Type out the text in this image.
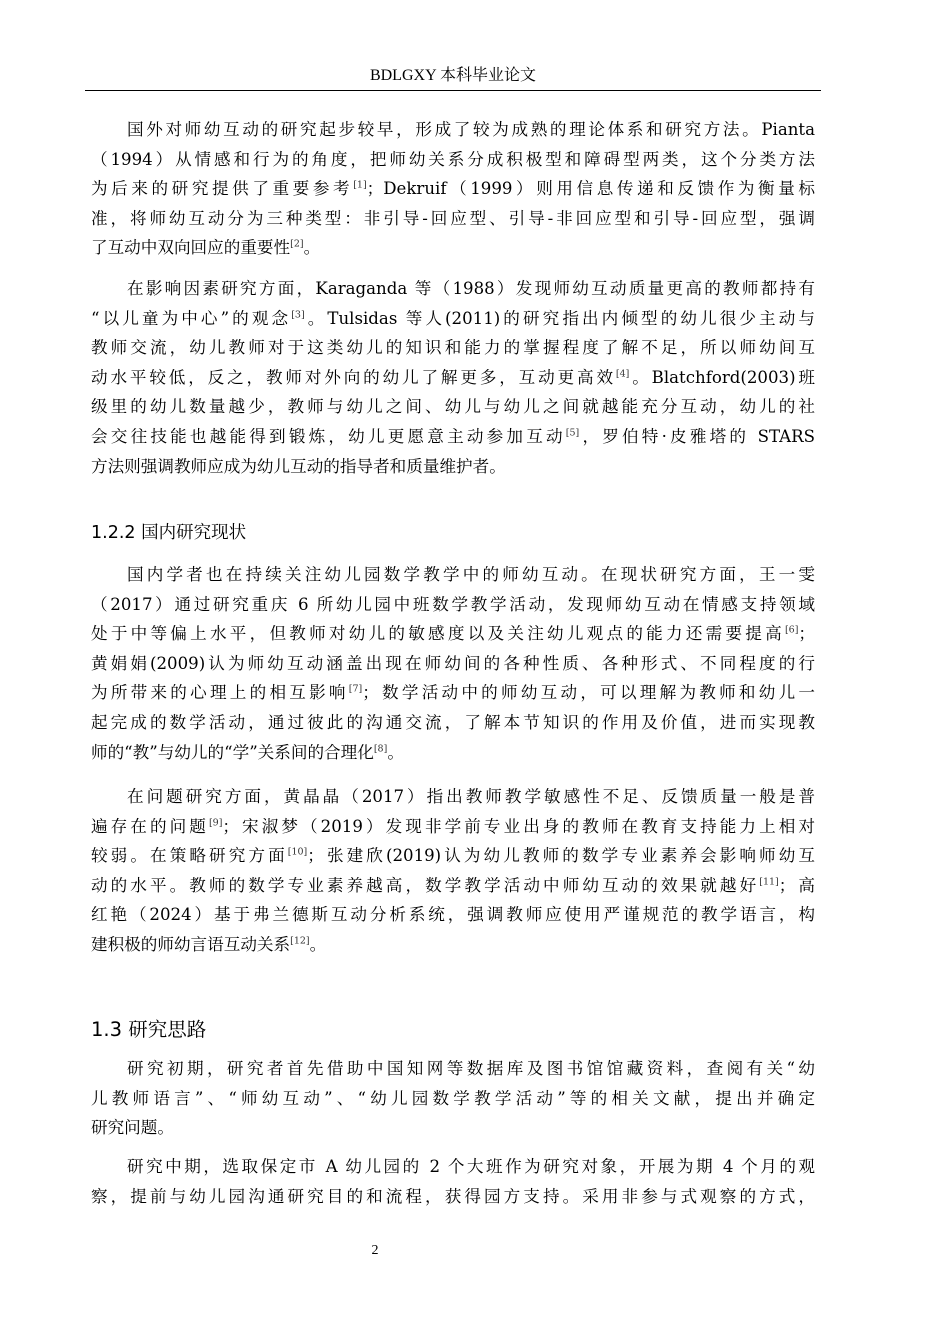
BDLGXY 本科毕业论文
国外对师幼互动的研究起步较早，形成了较为成熟的理论体系和研究方法。Pianta
（1994）从情感和行为的角度，把师幼关系分成积极型和障碍型两类，这个分类方法
为后来的研究提供了重要参考[1]；Dekruif（1999）则用信息传递和反馈作为衡量标
准，将师幼互动分为三种类型：非引导-回应型、引导-非回应型和引导-回应型，强调
了互动中双向回应的重要性[2]。
在影响因素研究方面，Karaganda 等（1988）发现师幼互动质量更高的教师都持有
“以儿童为中心”的观念[3]。Tulsidas 等人(2011)的研究指出内倾型的幼儿很少主动与
教师交流，幼儿教师对于这类幼儿的知识和能力的掌握程度了解不足，所以师幼间互
动水平较低，反之，教师对外向的幼儿了解更多，互动更高效[4]。Blatchford(2003)班
级里的幼儿数量越少，教师与幼儿之间、幼儿与幼儿之间就越能充分互动，幼儿的社
会交往技能也越能得到锻炼，幼儿更愿意主动参加互动[5]，罗伯特·皮雅塔的 STARS
方法则强调教师应成为幼儿互动的指导者和质量维护者。
1.2.2 国内研究现状
国内学者也在持续关注幼儿园数学教学中的师幼互动。在现状研究方面，王一雯
（2017）通过研究重庆 6 所幼儿园中班数学教学活动，发现师幼互动在情感支持领域
处于中等偏上水平，但教师对幼儿的敏感度以及关注幼儿观点的能力还需要提高[6]；
黄娟娟(2009)认为师幼互动涵盖出现在师幼间的各种性质、各种形式、不同程度的行
为所带来的心理上的相互影响[7]；数学活动中的师幼互动，可以理解为教师和幼儿一
起完成的数学活动，通过彼此的沟通交流，了解本节知识的作用及价值，进而实现教
师的“教”与幼儿的“学”关系间的合理化[8]。
在问题研究方面，黄晶晶（2017）指出教师教学敏感性不足、反馈质量一般是普
遍存在的问题[9]；宋淑梦（2019）发现非学前专业出身的教师在教育支持能力上相对
较弱。在策略研究方面[10]；张建欣(2019)认为幼儿教师的数学专业素养会影响师幼互
动的水平。教师的数学专业素养越高，数学教学活动中师幼互动的效果就越好[11]；高
红艳（2024）基于弗兰德斯互动分析系统，强调教师应使用严谨规范的教学语言，构
建积极的师幼言语互动关系[12]。
1.3 研究思路
研究初期，研究者首先借助中国知网等数据库及图书馆馆藏资料，查阅有关“幼
儿教师语言”、“师幼互动”、“幼儿园数学教学活动”等的相关文献，提出并确定
研究问题。
研究中期，选取保定市 A 幼儿园的 2 个大班作为研究对象，开展为期 4 个月的观
察，提前与幼儿园沟通研究目的和流程，获得园方支持。采用非参与式观察的方式，
2
